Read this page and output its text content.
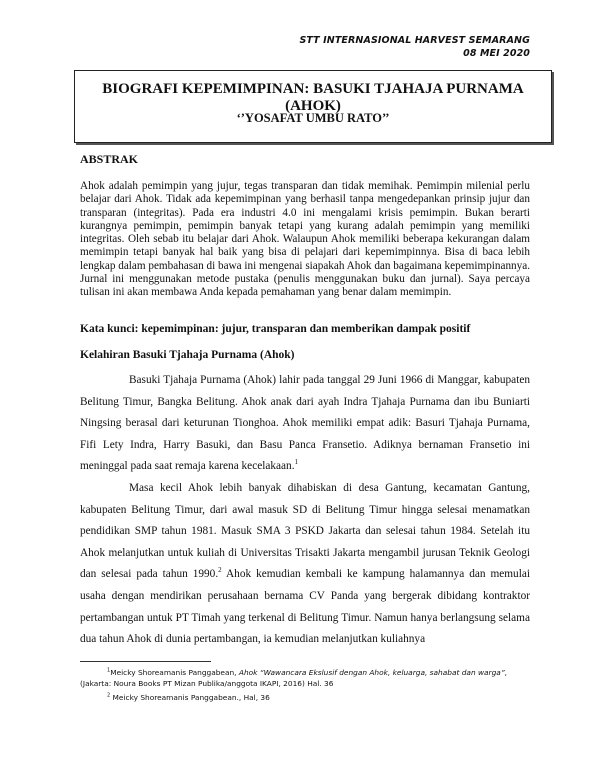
STT INTERNASIONAL HARVEST SEMARANG
08 MEI 2020
BIOGRAFI KEPEMIMPINAN: BASUKI TJAHAJA PURNAMA (AHOK)
‘’YOSAFAT UMBU RATO’’
ABSTRAK
Ahok adalah pemimpin yang jujur, tegas transparan dan tidak memihak. Pemimpin milenial perlu belajar dari Ahok. Tidak ada kepemimpinan yang berhasil tanpa mengedepankan prinsip jujur dan transparan (integritas). Pada era industri 4.0 ini mengalami krisis pemimpin. Bukan berarti kurangnya pemimpin, pemimpin banyak tetapi yang kurang adalah pemimpin yang memiliki integritas. Oleh sebab itu belajar dari Ahok. Walaupun Ahok memiliki beberapa kekurangan dalam memimpin tetapi banyak hal baik yang bisa di pelajari dari kepemimpinnya. Bisa di baca lebih lengkap dalam pembahasan di bawa ini mengenai siapakah Ahok dan bagaimana kepemimpinannya. Jurnal ini menggunakan metode pustaka (penulis menggunakan buku dan jurnal). Saya percaya tulisan ini akan membawa Anda kepada pemahaman yang benar dalam memimpin.
Kata kunci: kepemimpinan: jujur, transparan dan memberikan dampak positif
Kelahiran Basuki Tjahaja Purnama (Ahok)
Basuki Tjahaja Purnama (Ahok) lahir pada tanggal 29 Juni 1966 di Manggar, kabupaten Belitung Timur, Bangka Belitung. Ahok anak dari ayah Indra Tjahaja Purnama dan ibu Buniarti Ningsing berasal dari keturunan Tionghoa. Ahok memiliki empat adik: Basuri Tjahaja Purnama, Fifi Lety Indra, Harry Basuki, dan Basu Panca Fransetio. Adiknya bernaman Fransetio ini meninggal pada saat remaja karena kecelakaan.$^1$
Masa kecil Ahok lebih banyak dihabiskan di desa Gantung, kecamatan Gantung, kabupaten Belitung Timur, dari awal masuk SD di Belitung Timur hingga selesai menamatkan pendidikan SMP tahun 1981. Masuk SMA 3 PSKD Jakarta dan selesai tahun 1984. Setelah itu Ahok melanjutkan untuk kuliah di Universitas Trisakti Jakarta mengambil jurusan Teknik Geologi dan selesai pada tahun 1990.$^2$ Ahok kemudian kembali ke kampung halamannya dan memulai usaha dengan mendirikan perusahaan bernama CV Panda yang bergerak dibidang kontraktor pertambangan untuk PT Timah yang terkenal di Belitung Timur. Namun hanya berlangsung selama dua tahun Ahok di dunia pertambangan, ia kemudian melanjutkan kuliahnya
$^1$Meicky Shoreamanis Panggabean, Ahok “Wawancara Ekslusif dengan Ahok, keluarga, sahabat dan warga”, (Jakarta: Noura Books PT Mizan Publika/anggota IKAPI, 2016) Hal. 36
$^2$ Meicky Shoreamanis Panggabean., Hal, 36
